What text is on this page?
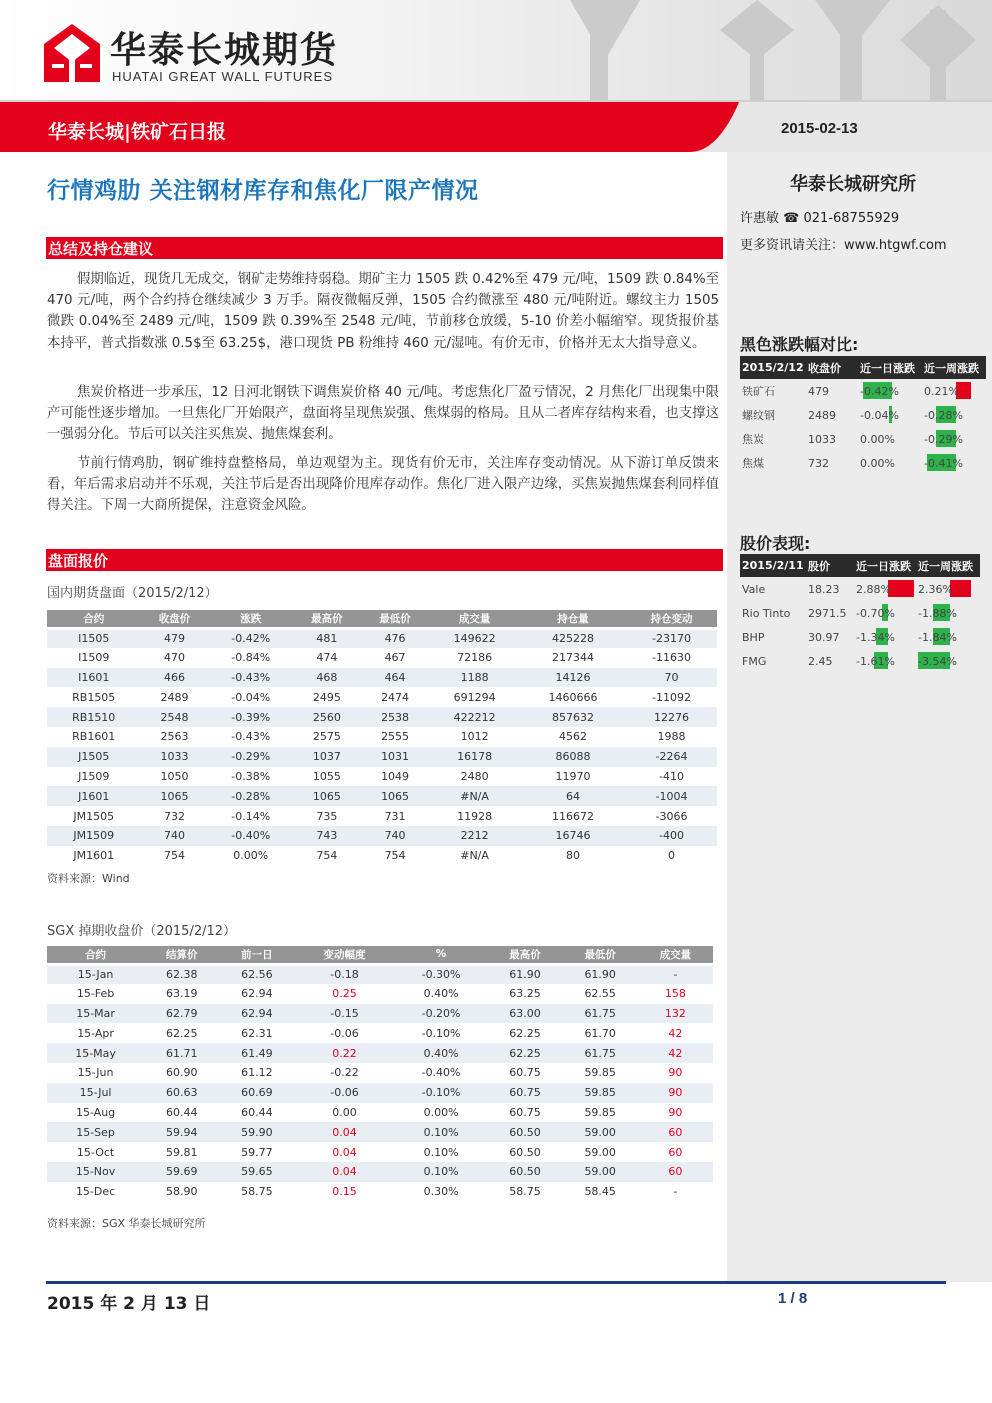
华泰长城期货
HUATAI GREAT WALL FUTURES
华泰长城|铁矿石日报	2015-02-13
华泰长城研究所
许惠敏 ☎ 021-68755929
更多资讯请关注：www.htgwf.com
黑色涨跌幅对比:
2015/2/12	收盘价	近一日涨跌	近一周涨跌
铁矿石	479	-0.42%	0.21%
螺纹钢	2489	-0.04%	-0.28%
焦炭	1033	0.00%	-0.29%
焦煤	732	0.00%	-0.41%
股价表现:
2015/2/11	股价	近一日涨跌	近一周涨跌
Vale	18.23	2.88%	2.36%
Rio Tinto	2971.5	-0.70%	-1.88%
BHP	30.97	-1.34%	-1.84%
FMG	2.45	-1.61%	-3.54%
行情鸡肋 关注钢材库存和焦化厂限产情况
总结及持仓建议

假期临近，现货几无成交，钢矿走势维持弱稳。期矿主力 1505 跌 0.42%至 479 元/吨，1509 跌 0.84%至 470 元/吨，两个合约持仓继续减少 3 万手。隔夜微幅反弹，1505 合约微涨至 480 元/吨附近。螺纹主力 1505 微跌 0.04%至 2489 元/吨，1509 跌 0.39%至 2548 元/吨，节前移仓放缓，5-10 价差小幅缩窄。现货报价基本持平，普式指数涨 0.5$至 63.25$，港口现货 PB 粉维持 460 元/湿吨。有价无市，价格并无太大指导意义。

焦炭价格进一步承压，12 日河北钢铁下调焦炭价格 40 元/吨。考虑焦化厂盈亏情况，2 月焦化厂出现集中限产可能性逐步增加。一旦焦化厂开始限产，盘面将呈现焦炭强、焦煤弱的格局。且从二者库存结构来看，也支撑这一强弱分化。节后可以关注买焦炭、抛焦煤套利。

节前行情鸡肋，钢矿维持盘整格局，单边观望为主。现货有价无市，关注库存变动情况。从下游订单反馈来看，年后需求启动并不乐观，关注节后是否出现降价甩库存动作。焦化厂进入限产边缘，买焦炭抛焦煤套利同样值得关注。下周一大商所提保，注意资金风险。

盘面报价
国内期货盘面（2015/2/12）
合约	收盘价	涨跌	最高价	最低价	成交量	持仓量	持仓变动
I1505	479	-0.42%	481	476	149622	425228	-23170
I1509	470	-0.84%	474	467	72186	217344	-11630
I1601	466	-0.43%	468	464	1188	14126	70
RB1505	2489	-0.04%	2495	2474	691294	1460666	-11092
RB1510	2548	-0.39%	2560	2538	422212	857632	12276
RB1601	2563	-0.43%	2575	2555	1012	4562	1988
J1505	1033	-0.29%	1037	1031	16178	86088	-2264
J1509	1050	-0.38%	1055	1049	2480	11970	-410
J1601	1065	-0.28%	1065	1065	#N/A	64	-1004
JM1505	732	-0.14%	735	731	11928	116672	-3066
JM1509	740	-0.40%	743	740	2212	16746	-400
JM1601	754	0.00%	754	754	#N/A	80	0
资料来源：Wind
SGX 掉期收盘价（2015/2/12）
合约	结算价	前一日	变动幅度	%	最高价	最低价	成交量
15-Jan	62.38	62.56	-0.18	-0.30%	61.90	61.90	-
15-Feb	63.19	62.94	0.25	0.40%	63.25	62.55	158
15-Mar	62.79	62.94	-0.15	-0.20%	63.00	61.75	132
15-Apr	62.25	62.31	-0.06	-0.10%	62.25	61.70	42
15-May	61.71	61.49	0.22	0.40%	62.25	61.75	42
15-Jun	60.90	61.12	-0.22	-0.40%	60.75	59.85	90
15-Jul	60.63	60.69	-0.06	-0.10%	60.75	59.85	90
15-Aug	60.44	60.44	0.00	0.00%	60.75	59.85	90
15-Sep	59.94	59.90	0.04	0.10%	60.50	59.00	60
15-Oct	59.81	59.77	0.04	0.10%	60.50	59.00	60
15-Nov	59.69	59.65	0.04	0.10%	60.50	59.00	60
15-Dec	58.90	58.75	0.15	0.30%	58.75	58.45	-
资料来源：SGX 华泰长城研究所
2015 年 2 月 13 日	1 / 8
